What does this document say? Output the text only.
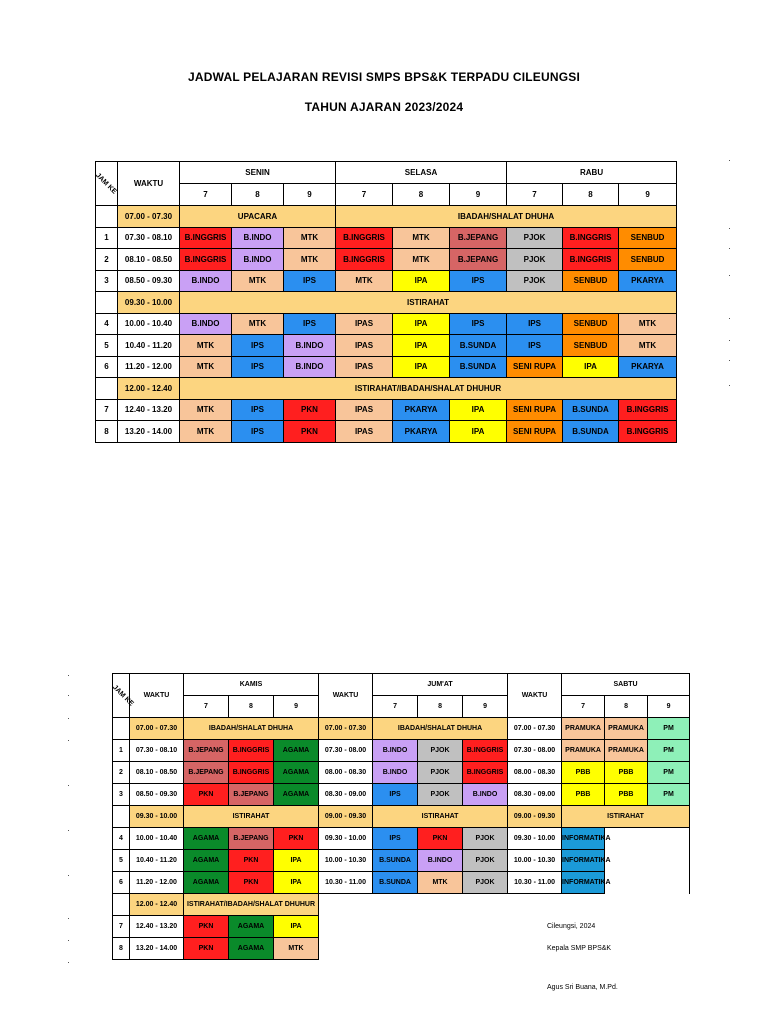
JADWAL PELAJARAN REVISI SMPS BPS&K TERPADU CILEUNGSI
TAHUN AJARAN 2023/2024
JAM KE	WAKTU	SENIN			SELASA			RABU		
		7	8	9	7	8	9	7	8	9
	07.00 - 07.30	UPACARA			IBADAH/SHALAT DHUHA					
1	07.30 - 08.10	B.INGGRIS	B.INDO	MTK	B.INGGRIS	MTK	B.JEPANG	PJOK	B.INGGRIS	SENBUD
2	08.10 - 08.50	B.INGGRIS	B.INDO	MTK	B.INGGRIS	MTK	B.JEPANG	PJOK	B.INGGRIS	SENBUD
3	08.50 - 09.30	B.INDO	MTK	IPS	MTK	IPA	IPS	PJOK	SENBUD	PKARYA
	09.30 - 10.00	ISTIRAHAT								
4	10.00 - 10.40	B.INDO	MTK	IPS	IPAS	IPA	IPS	IPS	SENBUD	MTK
5	10.40 - 11.20	MTK	IPS	B.INDO	IPAS	IPA	B.SUNDA	IPS	SENBUD	MTK
6	11.20 - 12.00	MTK	IPS	B.INDO	IPAS	IPA	B.SUNDA	SENI RUPA	IPA	PKARYA
	12.00 - 12.40	ISTIRAHAT/IBADAH/SHALAT DHUHUR								
7	12.40 - 13.20	MTK	IPS	PKN	IPAS	PKARYA	IPA	SENI RUPA	B.SUNDA	B.INGGRIS
8	13.20 - 14.00	MTK	IPS	PKN	IPAS	PKARYA	IPA	SENI RUPA	B.SUNDA	B.INGGRIS
JAM KE	WAKTU	KAMIS			WAKTU	JUM'AT			WAKTU	SABTU		
		7	8	9		7	8	9		7	8	9
	07.00 - 07.30	IBADAH/SHALAT DHUHA			07.00 - 07.30	IBADAH/SHALAT DHUHA			07.00 - 07.30	PRAMUKA	PRAMUKA	PM
1	07.30 - 08.10	B.JEPANG	B.INGGRIS	AGAMA	07.30 - 08.00	B.INDO	PJOK	B.INGGRIS	07.30 - 08.00	PRAMUKA	PRAMUKA	PM
2	08.10 - 08.50	B.JEPANG	B.INGGRIS	AGAMA	08.00 - 08.30	B.INDO	PJOK	B.INGGRIS	08.00 - 08.30	PBB	PBB	PM
3	08.50 - 09.30	PKN	B.JEPANG	AGAMA	08.30 - 09.00	IPS	PJOK	B.INDO	08.30 - 09.00	PBB	PBB	PM
	09.30 - 10.00	ISTIRAHAT			09.00 - 09.30	ISTIRAHAT			09.00 - 09.30	ISTIRAHAT		
4	10.00 - 10.40	AGAMA	B.JEPANG	PKN	09.30 - 10.00	IPS	PKN	PJOK	09.30 - 10.00	INFORMATIKA		
5	10.40 - 11.20	AGAMA	PKN	IPA	10.00 - 10.30	B.SUNDA	B.INDO	PJOK	10.00 - 10.30	INFORMATIKA		
6	11.20 - 12.00	AGAMA	PKN	IPA	10.30 - 11.00	B.SUNDA	MTK	PJOK	10.30 - 11.00	INFORMATIKA		
	12.00 - 12.40	ISTIRAHAT/IBADAH/SHALAT DHUHUR										
7	12.40 - 13.20	PKN	AGAMA	IPA								
8	13.20 - 14.00	PKN	AGAMA	MTK								
Cileungsi, 2024
Kepala SMP BPS&K
Agus Sri Buana, M.Pd.
